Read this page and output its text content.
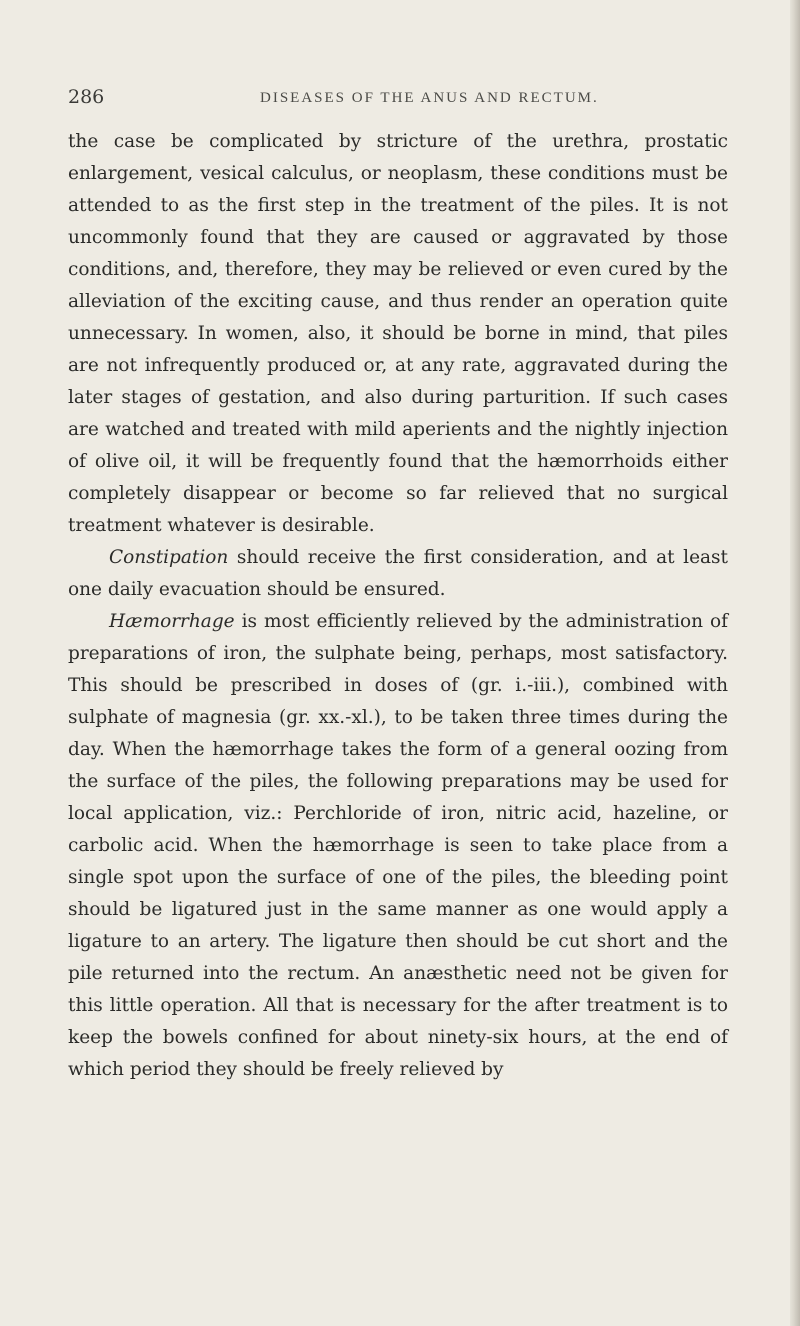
286	DISEASES OF THE ANUS AND RECTUM.

the case be complicated by stricture of the urethra, prostatic enlargement, vesical calculus, or neoplasm, these conditions must be attended to as the first step in the treatment of the piles. It is not uncommonly found that they are caused or aggravated by those conditions, and, therefore, they may be relieved or even cured by the alleviation of the exciting cause, and thus render an operation quite unnecessary. In women, also, it should be borne in mind, that piles are not infrequently produced or, at any rate, aggravated during the later stages of gestation, and also during parturition. If such cases are watched and treated with mild aperients and the nightly injection of olive oil, it will be frequently found that the hæmorrhoids either completely disappear or become so far relieved that no surgical treatment whatever is desirable.

Constipation should receive the first consideration, and at least one daily evacuation should be ensured.

Hæmorrhage is most efficiently relieved by the administration of preparations of iron, the sulphate being, perhaps, most satisfactory. This should be prescribed in doses of (gr. i.-iii.), combined with sulphate of magnesia (gr. xx.-xl.), to be taken three times during the day. When the hæmorrhage takes the form of a general oozing from the surface of the piles, the following preparations may be used for local application, viz.: Perchloride of iron, nitric acid, hazeline, or carbolic acid. When the hæmorrhage is seen to take place from a single spot upon the surface of one of the piles, the bleeding point should be ligatured just in the same manner as one would apply a ligature to an artery. The ligature then should be cut short and the pile returned into the rectum. An anæsthetic need not be given for this little operation. All that is necessary for the after treatment is to keep the bowels confined for about ninety-six hours, at the end of which period they should be freely relieved by
